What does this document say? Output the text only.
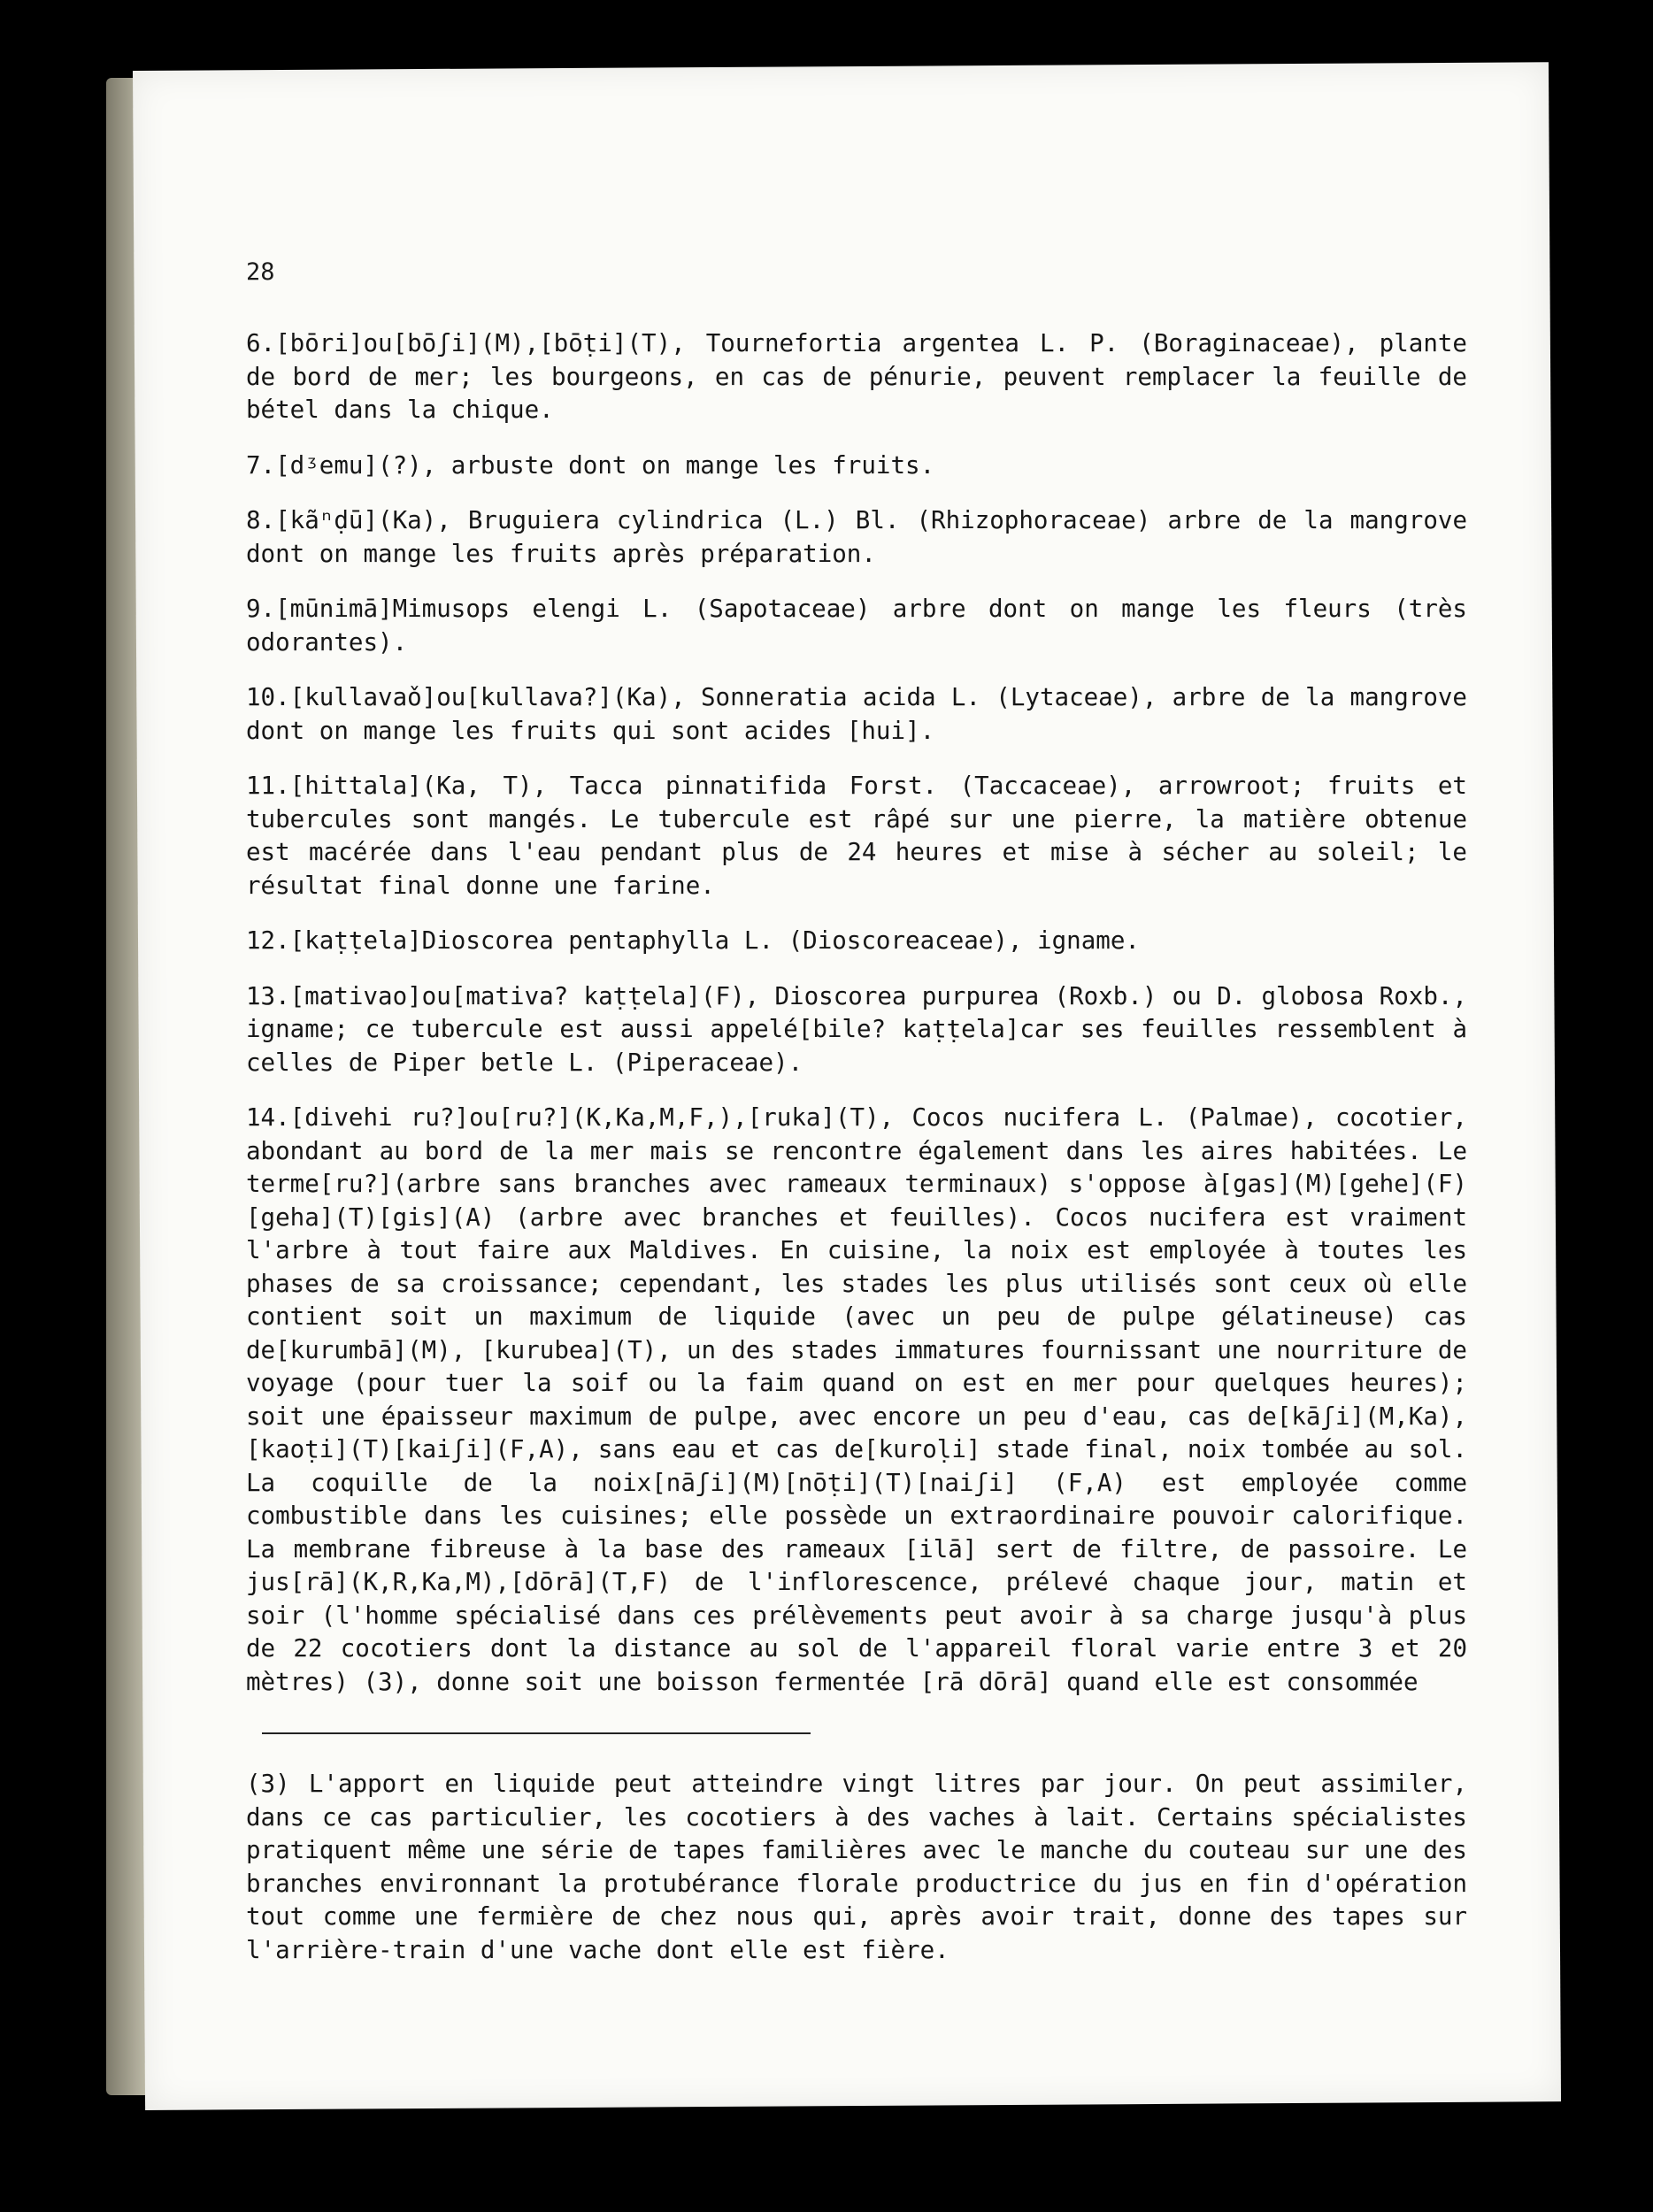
28

6.[bōri]ou[bōʃi](M),[bōṭi](T), Tournefortia argentea L. P. (Boraginaceae), plante de bord de mer; les bourgeons, en cas de pénurie, peuvent remplacer la feuille de bétel dans la chique.

7.[dᶾemu](?), arbuste dont on mange les fruits.

8.[kãⁿḍū](Ka), Bruguiera cylindrica (L.) Bl. (Rhizophoraceae) arbre de la mangrove dont on mange les fruits après préparation.

9.[mūnimā]Mimusops elengi L. (Sapotaceae) arbre dont on mange les fleurs (très odorantes).

10.[kullavaǒ]ou[kullava?](Ka), Sonneratia acida L. (Lytaceae), arbre de la mangrove dont on mange les fruits qui sont acides [hui].

11.[hittala](Ka, T), Tacca pinnatifida Forst. (Taccaceae), arrowroot; fruits et tubercules sont mangés. Le tubercule est râpé sur une pierre, la matière obtenue est macérée dans l'eau pendant plus de 24 heures et mise à sécher au soleil; le résultat final donne une farine.

12.[kaṭṭela]Dioscorea pentaphylla L. (Dioscoreaceae), igname.

13.[mativao]ou[mativa? kaṭṭela](F), Dioscorea purpurea (Roxb.) ou D. globosa Roxb., igname; ce tubercule est aussi appelé[bile? kaṭṭela]car ses feuilles ressemblent à celles de Piper betle L. (Piperaceae).

14.[divehi ru?]ou[ru?](K,Ka,M,F,),[ruka](T), Cocos nucifera L. (Palmae), cocotier, abondant au bord de la mer mais se rencontre également dans les aires habitées. Le terme[ru?](arbre sans branches avec rameaux terminaux) s'oppose à[gas](M)[gehe](F)[geha](T)[gis](A) (arbre avec branches et feuilles). Cocos nucifera est vraiment l'arbre à tout faire aux Maldives. En cuisine, la noix est employée à toutes les phases de sa croissance; cependant, les stades les plus utilisés sont ceux où elle contient soit un maximum de liquide (avec un peu de pulpe gélatineuse) cas de[kurumbā](M), [kurubea](T), un des stades immatures fournissant une nourriture de voyage (pour tuer la soif ou la faim quand on est en mer pour quelques heures); soit une épaisseur maximum de pulpe, avec encore un peu d'eau, cas de[kāʃi](M,Ka),[kaoṭi](T)[kaiʃi](F,A), sans eau et cas de[kuroḷi] stade final, noix tombée au sol. La coquille de la noix[nāʃi](M)[nōṭi](T)[naiʃi] (F,A) est employée comme combustible dans les cuisines; elle possède un extraordinaire pouvoir calorifique. La membrane fibreuse à la base des rameaux [ilā] sert de filtre, de passoire. Le jus[rā](K,R,Ka,M),[dōrā](T,F) de l'inflorescence, prélevé chaque jour, matin et soir (l'homme spécialisé dans ces prélèvements peut avoir à sa charge jusqu'à plus de 22 cocotiers dont la distance au sol de l'appareil floral varie entre 3 et 20 mètres) (3), donne soit une boisson fermentée [rā dōrā] quand elle est consommée

(3) L'apport en liquide peut atteindre vingt litres par jour. On peut assimiler, dans ce cas particulier, les cocotiers à des vaches à lait. Certains spécialistes pratiquent même une série de tapes familières avec le manche du couteau sur une des branches environnant la protubérance florale productrice du jus en fin d'opération tout comme une fermière de chez nous qui, après avoir trait, donne des tapes sur l'arrière-train d'une vache dont elle est fière.
